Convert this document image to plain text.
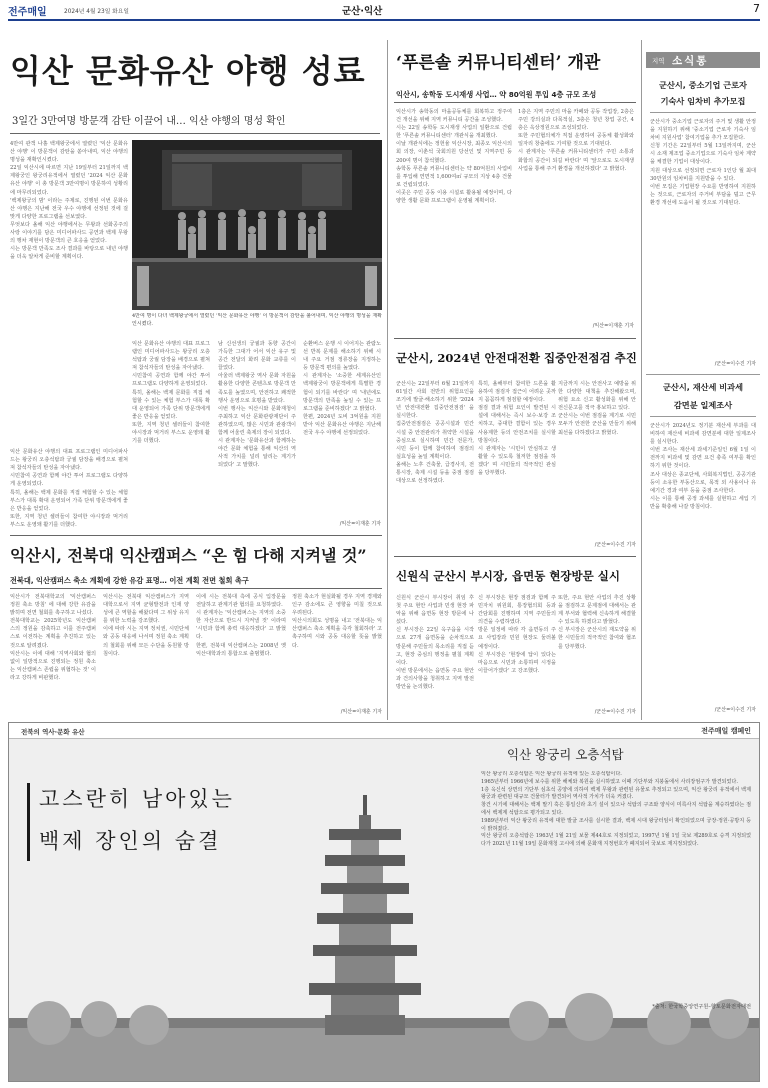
전주매일	2024년 4월 23일 화요일	군산·익산	7
익산 문화유산 야행 성료
3일간 3만여명 방문객 감탄 이끌어 내… 익산 야행의 명성 확인
4만여 관객 나흘 백제왕궁에서 열렸던 '익산 문화유산 야행' 이 방문객이 감탄을 쏟아내며, 익산 야행의 명성을 재확인시켰다.
22일 익산시에 따르면 지난 19일부터 21일까지 백제왕궁인 왕궁리유적에서 열렸던 '2024 익산 문화유산 야행' 이 총 방문객 3만여명이 방문하여 성황리에 마무리되었다.
'백제왕궁의 밤' 이라는 주제로, 진행된 이번 문화유산 야행은 지난해 전국 우수 야행에 선정된 것에 걸맞게 다양한 프로그램을 선보였다.
무엇보다 올해 익산 야행에서는 무왕과 선화공주의 사랑 이야기를 담은 미디어파사드 공연과 백제 무왕의 행차 재현이 방문객의 큰 호응을 얻었다.
시는 방문객 만족도 조사 결과를 바탕으로 내년 야행을 더욱 알차게 준비할 계획이다.
4만여 명이 다녀 백제왕궁에서 열렸던 ‘익산 문화유산 야행’ 이 방문객이 감탄을 불어내며, 익산 야행의 명성을 재확인시켰다.
익산 문화유산 야행의 대표 프로그램인 미디어파사드는 왕궁리 오층석탑과 궁궐 담장을 배경으로 펼쳐져 참석자들의 탄성을 자아냈다.
시민참여 공연과 함께 야간 투어 프로그램도 다양하게 운영되었다.
특히, 올해는 백제 문화를 직접 체험할 수 있는 체험 부스가 대폭 확대 운영되어 가족 단위 방문객에게 좋은 반응을 얻었다.
또한, 지역 청년 셀러들이 참여한 야시장과 먹거리 부스도 운영돼 활기를 더했다.
남 신선생의 궁궐과 동향 공간이 가득한 그대가 어서 익산 유구 및 공간 전달의 화려 문화 교류를 이끌었다.
아울러 백제왕궁 역사 문화 자원을 활용한 다양한 콘텐츠로 방문객 만족도를 높였으며, 안전하고 쾌적한 행사 운영으로 호평을 받았다.
이번 행사는 익산시와 문화재청이 주최하고 익산 문화관광재단이 주관하였으며, 많은 시민과 관광객이 함께 어울린 축제의 장이 되었다.
시 관계자는 '문화유산과 함께하는 야간 문화 체험을 통해 익산의 역사적 가치를 널리 알리는 계기가 되었다' 고 말했다.
순환버스 운행 시 이어지는 관람노선 반복 문제를 해소하기 위해 시내 주요 거점 정류장을 지정하는 등 방문객 편의를 높였다.
시 관계자는 '소중한 세계유산인 백제왕궁이 방문객에게 특별한 경험이 되기를 바란다' 며 '내년에도 방문객의 만족을 높일 수 있는 프로그램을 준비하겠다' 고 밝혔다.
한편, 2024년 도비 3억원을 지원받아 익산 문화유산 야행은 지난해 전국 우수 야행에 선정되었다.
/익산=이재훈 기자

익산 문화유산 야행의 대표 프로그램인 미디어파사드는 왕궁리 오층석탑과 궁궐 담장을 배경으로 펼쳐져 참석자들의 탄성을 자아냈다.
시민참여 공연과 함께 야간 투어 프로그램도 다양하게 운영되었다.
특히, 올해는 백제 문화를 직접 체험할 수 있는 체험 부스가 대폭 확대 운영되어 가족 단위 방문객에게 좋은 반응을 얻었다.
또한, 지역 청년 셀러들이 참여한 야시장과 먹거리 부스도 운영돼 활기를 더했다.

익산시, 전북대 익산캠퍼스 “온 힘 다해 지켜낼 것”
전북대, 익산캠퍼스 축소 계획에 강한 유감 표명… 이전 계획 전면 철회 촉구
익산시가 전북대학교의 '익산캠퍼스 정원 축소 방침' 에 대해 강한 유감을 밝히며 전면 철회를 촉구하고 나섰다.
전북대학교는 2025학년도 익산캠퍼스의 정원을 감축하고 이를 전주캠퍼스로 이전하는 계획을 추진하고 있는 것으로 알려졌다.
익산시는 이에 대해 '지역사회와 협의 없이 일방적으로 진행되는 정원 축소는 익산캠퍼스 존립을 위협하는 것' 이라고 강하게 비판했다.
익산시는 전북대 익산캠퍼스가 지역 대학으로서 지역 균형발전과 인재 양성에 큰 역할을 해왔다며 그 위상 유지를 위한 노력을 강조했다.
이에 따라 시는 지역 정치권, 시민단체와 공동 대응에 나서며 정원 축소 계획의 철회를 위해 모든 수단을 동원할 방침이다.
이에 시는 전북대 측에 공식 입장문을 전달하고 관계기관 협의를 요청하였다.
시 관계자는 '익산캠퍼스는 지역의 소중한 자산으로 반드시 지켜낼 것' 이라며 '시민과 함께 총력 대응하겠다' 고 밝혔다.
한편, 전북대 익산캠퍼스는 2008년 옛 익산대학과의 통합으로 출범했다.
정원 축소가 현실화될 경우 지역 경제와 인구 감소에도 큰 영향을 미칠 것으로 우려된다.
익산시의회도 성명을 내고 '전북대는 익산캠퍼스 축소 계획을 즉각 철회하라' 고 촉구하며 시와 공동 대응할 뜻을 밝혔다.
/익산=이재훈 기자
‘푸른솔 커뮤니티센터’ 개관
익산시, 송학동 도시재생 사업… 약 80억원 투입 4층 규모 조성
익산시가 송학동의 마을공동체를 회복하고 정주여건 개선을 위해 지역 커뮤니티 공간을 조성했다.
시는 22일 송학동 도시재생 사업의 일환으로 건립한 '푸른솔 커뮤니티센터' 개관식을 개최했다.
이날 개관식에는 정헌율 익산시장, 최종오 익산시의회 의장, 이춘석 국회의원 당선인 및 지역주민 등 200여 명이 참석했다.
송학동 푸른솔 커뮤니티센터는 약 80억원의 사업비를 투입해 연면적 1,600여㎡ 규모의 지상 4층 건물로 건립되었다.
이곳은 주민 공동 이용 시설로 활용될 예정이며, 다양한 생활 문화 프로그램이 운영될 계획이다.
1층은 지역 주민의 마을 카페와 공동 작업장, 2층은 주민 강의실과 다목적실, 3층은 청년 창업 공간, 4층은 옥상정원으로 조성되었다.
또한 주민협의체가 직접 운영하여 공동체 활성화와 일자리 창출에도 기여할 것으로 기대된다.
시 관계자는 '푸른솔 커뮤니티센터가 주민 소통과 화합의 공간이 되길 바란다' 며 '앞으로도 도시재생 사업을 통해 주거 환경을 개선하겠다' 고 밝혔다.
/익산=이재훈 기자
군산시, 2024년 안전대전환 집중안전점검 추진
군산시는 22일부터 6월 21일까지 61일간 사회 전반의 위험요인을 조기에 발굴·해소하기 위한 '2024년 안전대전환 집중안전점검' 을 실시한다.
집중안전점검은 공공시설과 민간시설 중 안전관리가 취약한 시설을 중심으로 실시하며 민간 전문가, 시민 등이 함께 참여하여 점검의 실효성을 높일 계획이다.
올해는 노후 건축물, 급경사지, 전통시장, 축제 시설 등을 중점 점검 대상으로 선정하였다.
특히, 올해부터 참여한 드론을 활용하여 점검자 접근이 어려운 곳까지 꼼꼼하게 점검할 예정이다.
점검 결과 위험 요인이 발견된 시설에 대해서는 즉시 보수·보강 조치하고, 중대한 결함이 있는 경우 사용제한 등의 안전조치를 실시할 방침이다.
시 관계자는 '시민이 안심하고 생활할 수 있도록 철저한 점검을 하겠다' 며 시민들의 적극적인 관심을 당부했다.
지금까지 시는 안전사고 예방을 위한 다양한 대책을 추진해왔으며, 위험 요소 신고 활성화를 위해 안전신문고를 적극 홍보하고 있다.
군산시는 이번 점검을 계기로 시민 모두가 안전한 군산을 만들기 위해 최선을 다하겠다고 밝혔다.
/군산=이수진 기자
신원식 군산시 부시장, 읍면동 현장방문 실시
신원식 군산시 부시장이 취임 후 첫 주요 현안 사업과 민생 현장 파악을 위해 읍면동 현장 방문에 나섰다.
신 부시장은 22일 옥구읍을 시작으로 27개 읍면동을 순차적으로 방문해 주민들의 목소리를 직접 듣고, 현장 중심의 행정을 펼칠 계획이다.
이번 방문에서는 읍면동 주요 현안과 건의사항을 청취하고 지역 발전 방안을 논의했다.
신 부시장은 현장 점검과 함께 주민자치 위원회, 통장협의회 등과 간담회를 진행하며 지역 주민들의 의견을 수렴하였다.
방문 일정에 따라 각 읍면동의 주요 사업장과 민원 현장도 둘러볼 예정이다.
신 부시장은 '현장에 답이 있다는 마음으로 시민과 소통하며 시정을 이끌어가겠다' 고 강조했다.
또한, 주요 현안 사업의 추진 상황을 점검하고 문제점에 대해서는 관계 부서와 협력해 신속하게 해결할 수 있도록 하겠다고 밝혔다.
신 부시장은 군산시의 재도약을 위한 시민들의 적극적인 참여와 협조를 당부했다.
/군산=이수진 기자
지역 소식통
군산시, 중소기업 근로자
기숙사 임차비 추가모집
군산시가 중소기업 근로자의 주거 및 생활 안정을 지원하기 위해 '중소기업 근로자 기숙사 임차비 지원사업' 참여기업을 추가 모집한다.
신청 기간은 22일부터 5월 13일까지며, 군산시 소재 제조업 중소기업으로 기숙사 임차 계약을 체결한 기업이 대상이다.
지원 대상으로 선정되면 근로자 1인당 월 최대 30만원의 임차비를 지원받을 수 있다.
이번 모집은 기업현장 수요를 반영하여 지원하는 것으로, 근로자의 주거비 부담을 덜고 근무 환경 개선에 도움이 될 것으로 기대된다.
/군산=이수진 기자
군산시, 재산세 비과세
감면분 일제조사
군산시가 2024년도 정기분 재산세 부과를 대비하여 재산세 비과세 감면분에 대한 일제조사를 실시한다.
이번 조사는 재산세 과세기준일인 6월 1일 이전까지 비과세 및 감면 요건 충족 여부를 확인하기 위한 것이다.
조사 대상은 종교단체, 사회복지법인, 공공기관 등이 소유한 부동산으로, 목적 외 사용이나 유예기간 경과 여부 등을 중점 조사한다.
시는 이를 통해 공정 과세를 실현하고 세입 기반을 확충해 나갈 방침이다.
/군산=이수진 기자
전북의 역사·문화 유산	전주매일 캠페인
고스란히 남아있는
백제 장인의 숨결
익산 왕궁리 오층석탑
익산 왕궁리 오층석탑은 익산 왕궁리 유적에 있는 오층석탑이다.
1965년부터 1966년에 보수를 위한 해체와 복원을 실시하였고 이때 기단부와 지붕돌에서 사리장엄구가 발견되었다.
1층 옥신석 상면의 기단부 심초석 공양에 의하여 백제 무왕과 관련된 유물로 추정되고 있으며, 익산 왕궁리 유적에서 백제 왕궁과 관련된 대규모 건물터가 발견되어 역사적 가치가 더욱 커졌다.
창건 시기에 대해서는 백제 말기 혹은 통일신라 초기 설이 있으나 석탑의 구조와 양식이 미륵사지 석탑을 계승하였다는 점에서 백제계 석탑으로 평가되고 있다.
1989년부터 익산 왕궁리 유적에 대한 발굴 조사를 실시한 결과, 백제 시대 왕궁터임이 확인되었으며 궁장·정원·공방지 등이 밝혀졌다.
익산 왕궁리 오층석탑은 1963년 1월 21일 보물 제44호로 지정되었고, 1997년 1월 1일 국보 제289호로 승격 지정되었다가 2021년 11월 19일 문화재청 고시에 의해 문화재 지정번호가 폐지되어 국보로 재지정되었다.
*출처: 한국학중앙연구원–향토문화전자대전
